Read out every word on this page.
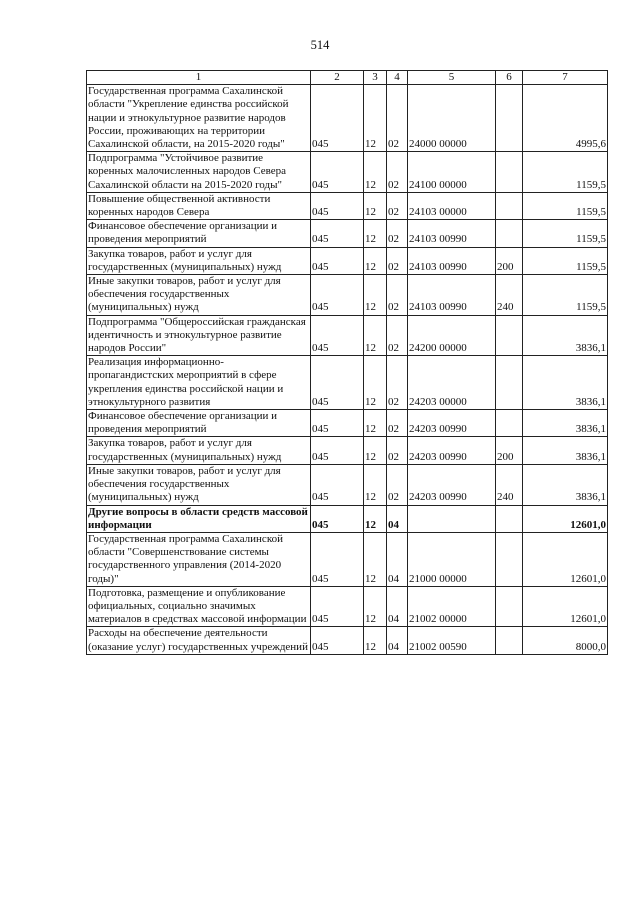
514
1	2	3	4	5	6	7
Государственная программа Сахалинской области "Укрепление единства российской нации и этнокультурное развитие народов России, проживающих на территории Сахалинской области, на 2015-2020 годы"	045	12	02	24000 00000		4995,6
Подпрограмма "Устойчивое развитие коренных малочисленных народов Севера Сахалинской области на 2015-2020 годы"	045	12	02	24100 00000		1159,5
Повышение общественной активности коренных народов Севера	045	12	02	24103 00000		1159,5
Финансовое обеспечение организации и проведения мероприятий	045	12	02	24103 00990		1159,5
Закупка товаров, работ и услуг для государственных (муниципальных) нужд	045	12	02	24103 00990	200	1159,5
Иные закупки товаров, работ и услуг для обеспечения государственных (муниципальных) нужд	045	12	02	24103 00990	240	1159,5
Подпрограмма "Общероссийская гражданская идентичность и этнокультурное развитие народов России"	045	12	02	24200 00000		3836,1
Реализация информационно-пропагандистских мероприятий в сфере укрепления единства российской нации и этнокультурного развития	045	12	02	24203 00000		3836,1
Финансовое обеспечение организации и проведения мероприятий	045	12	02	24203 00990		3836,1
Закупка товаров, работ и услуг для государственных (муниципальных) нужд	045	12	02	24203 00990	200	3836,1
Иные закупки товаров, работ и услуг для обеспечения государственных (муниципальных) нужд	045	12	02	24203 00990	240	3836,1
Другие вопросы в области средств массовой информации	045	12	04			12601,0
Государственная программа Сахалинской области "Совершенствование системы государственного управления (2014-2020 годы)"	045	12	04	21000 00000		12601,0
Подготовка, размещение и опубликование официальных, социально значимых материалов в средствах массовой информации	045	12	04	21002 00000		12601,0
Расходы на обеспечение деятельности (оказание услуг) государственных учреждений	045	12	04	21002 00590		8000,0
